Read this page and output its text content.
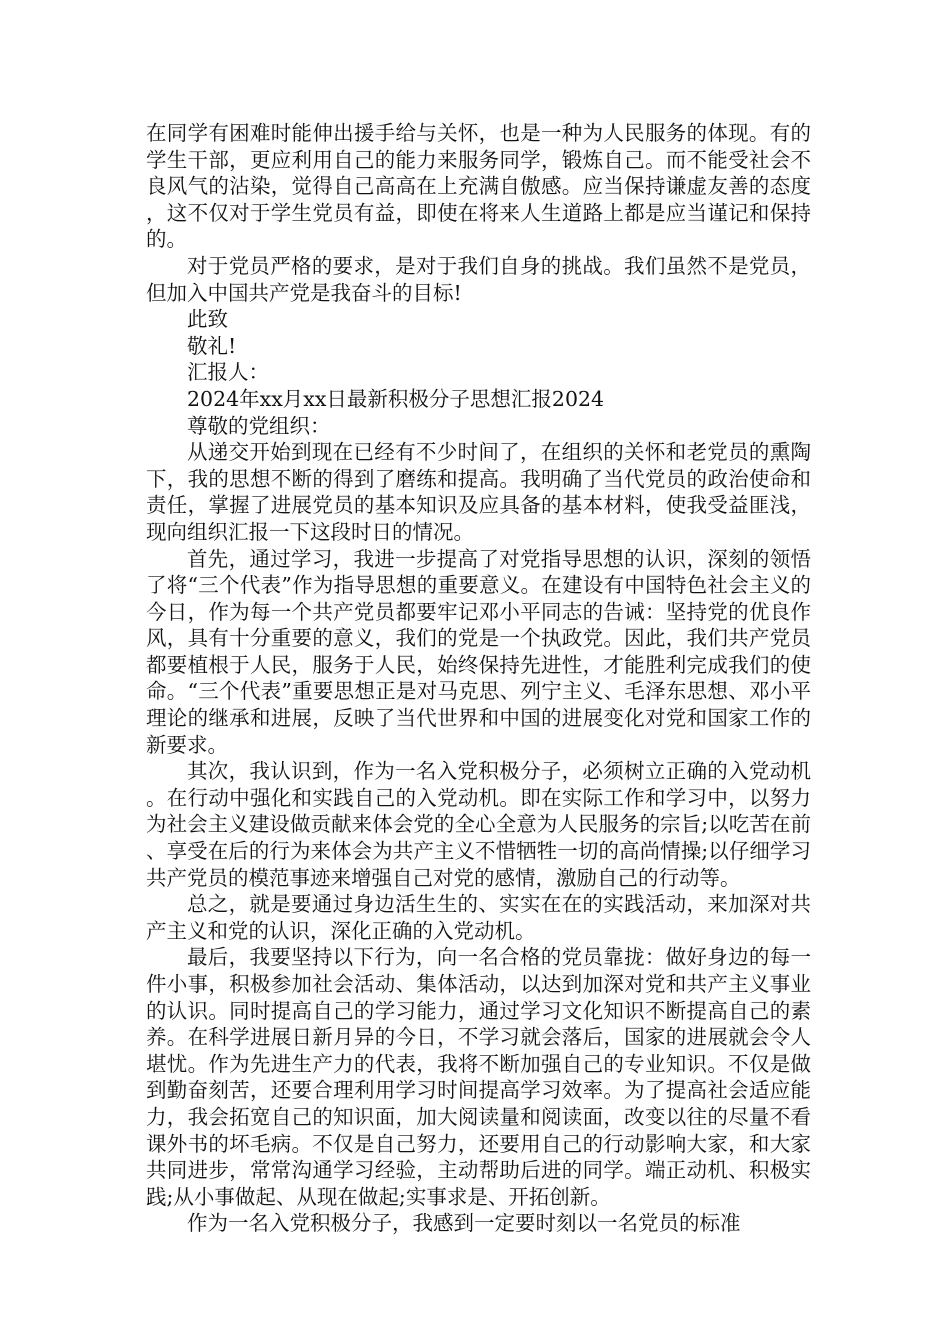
在同学有困难时能伸出援手给与关怀，也是一种为人民服务的体现。有的学生干部，更应利用自己的能力来服务同学，锻炼自己。而不能受社会不良风气的沾染，觉得自己高高在上充满自傲感。应当保持谦虚友善的态度，这不仅对于学生党员有益，即使在将来人生道路上都是应当谨记和保持的。

对于党员严格的要求，是对于我们自身的挑战。我们虽然不是党员，但加入中国共产党是我奋斗的目标!

此致

敬礼!

汇报人：

2024年xx月xx日最新积极分子思想汇报2024

尊敬的党组织：

从递交开始到现在已经有不少时间了，在组织的关怀和老党员的熏陶下，我的思想不断的得到了磨练和提高。我明确了当代党员的政治使命和责任，掌握了进展党员的基本知识及应具备的基本材料，使我受益匪浅，现向组织汇报一下这段时日的情况。

首先，通过学习，我进一步提高了对党指导思想的认识，深刻的领悟了将“三个代表”作为指导思想的重要意义。在建设有中国特色社会主义的今日，作为每一个共产党员都要牢记邓小平同志的告诫：坚持党的优良作风，具有十分重要的意义，我们的党是一个执政党。因此，我们共产党员都要植根于人民，服务于人民，始终保持先进性，才能胜利完成我们的使命。“三个代表”重要思想正是对马克思、列宁主义、毛泽东思想、邓小平理论的继承和进展，反映了当代世界和中国的进展变化对党和国家工作的新要求。

其次，我认识到，作为一名入党积极分子，必须树立正确的入党动机。在行动中强化和实践自己的入党动机。即在实际工作和学习中，以努力为社会主义建设做贡献来体会党的全心全意为人民服务的宗旨;以吃苦在前、享受在后的行为来体会为共产主义不惜牺牲一切的高尚情操;以仔细学习共产党员的模范事迹来增强自己对党的感情，激励自己的行动等。

总之，就是要通过身边活生生的、实实在在的实践活动，来加深对共产主义和党的认识，深化正确的入党动机。

最后，我要坚持以下行为，向一名合格的党员靠拢：做好身边的每一件小事，积极参加社会活动、集体活动，以达到加深对党和共产主义事业的认识。同时提高自己的学习能力，通过学习文化知识不断提高自己的素养。在科学进展日新月异的今日，不学习就会落后，国家的进展就会令人堪忧。作为先进生产力的代表，我将不断加强自己的专业知识。不仅是做到勤奋刻苦，还要合理利用学习时间提高学习效率。为了提高社会适应能力，我会拓宽自己的知识面，加大阅读量和阅读面，改变以往的尽量不看课外书的坏毛病。不仅是自己努力，还要用自己的行动影响大家，和大家共同进步，常常沟通学习经验，主动帮助后进的同学。端正动机、积极实践;从小事做起、从现在做起;实事求是、开拓创新。

作为一名入党积极分子，我感到一定要时刻以一名党员的标准
